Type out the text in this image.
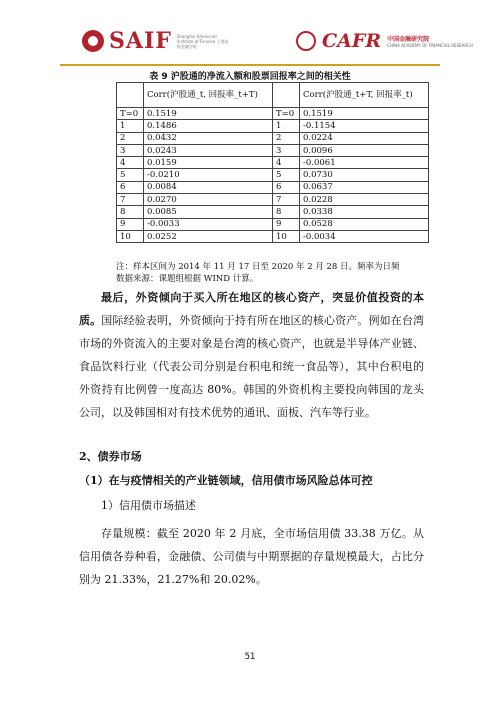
SAIF Shanghai Advanced Institute of Finance 上海高级金融学院	CAFR 中国金融研究院
CHINA ACADEMY OF FINANCIAL RESEARCH
表 9 沪股通的净流入额和股票回报率之间的相关性
	Corr(沪股通_t, 回报率_t+T)		Corr(沪股通_t+T, 回报率_t)
T=0	0.1519	T=0	0.1519
1	0.1486	1	-0.1154
2	0.0432	2	0.0224
3	0.0243	3	0.0096
4	0.0159	4	-0.0061
5	-0.0210	5	0.0730
6	0.0084	6	0.0637
7	0.0270	7	0.0228
8	0.0085	8	0.0338
9	-0.0033	9	0.0528
10	0.0252	10	-0.0034
注：样本区间为 2014 年 11 月 17 日至 2020 年 2 月 28 日。频率为日频
数据来源：课题组根据 WIND 计算。
最后，外资倾向于买入所在地区的核心资产，突显价值投资的本质。国际经验表明，外资倾向于持有所在地区的核心资产。例如在台湾市场的外资流入的主要对象是台湾的核心资产，也就是半导体产业链、食品饮料行业（代表公司分别是台积电和统一食品等），其中台积电的外资持有比例曾一度高达 80%。韩国的外资机构主要投向韩国的龙头公司，以及韩国相对有技术优势的通讯、面板、汽车等行业。
2、债券市场
（1）在与疫情相关的产业链领域，信用债市场风险总体可控
1）信用债市场描述
存量规模：截至 2020 年 2 月底，全市场信用债 33.38 万亿。从信用债各券种看，金融债、公司债与中期票据的存量规模最大，占比分别为 21.33%，21.27%和 20.02%。
51
